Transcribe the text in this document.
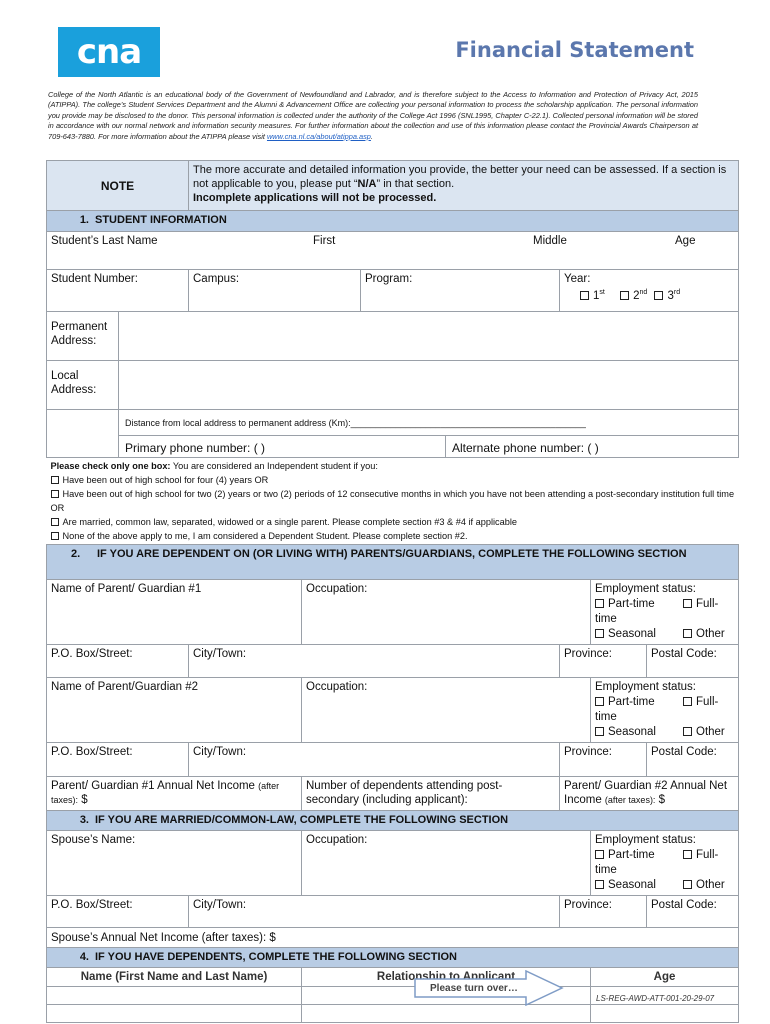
cna	Financial Statement
College of the North Atlantic is an educational body of the Government of Newfoundland and Labrador, and is therefore subject to the Access to Information and Protection of Privacy Act, 2015 (ATIPPA). The college’s Student Services Department and the Alumni & Advancement Office are collecting your personal information to process the scholarship application. The personal information you provide may be disclosed to the donor. This personal information is collected under the authority of the College Act 1996 (SNL1995, Chapter C-22.1). Collected personal information will be stored in accordance with our normal network and information security measures. For further information about the collection and use of this information please contact the Provincial Awards Chairperson at 709-643-7880. For more information about the ATIPPA please visit www.cna.nl.ca/about/atippa.asp.
NOTE		The more accurate and detailed information you provide, the better your need can be assessed. If a section is not applicable to you, please put “N/A” in that section.
Incomplete applications will not be processed.						
1. STUDENT INFORMATION								
Student’s Last Name First Middle Age								

Student Number:		Campus:		Program:		Year:
1st 2nd 3rd
Permanent Address:								
Local Address:								
	Distance from local address to permanent address (Km):_______________________________________________							
	Primary phone number: ( )				Alternate phone number: ( )			
Please check only one box: You are considered an Independent student if you:
Have been out of high school for four (4) years OR
Have been out of high school for two (2) years or two (2) periods of 12 consecutive months in which you have not been attending a post-secondary institution full time OR
Are married, common law, separated, widowed or a single parent. Please complete section #3 & #4 if applicable
None of the above apply to me, I am considered a Dependent Student. Please complete section #2.								

2. IF YOU ARE DEPENDENT ON (OR LIVING WITH) PARENTS/GUARDIANS, COMPLETE THE FOLLOWING SECTION								

Name of Parent/ Guardian #1			Occupation:				Employment status:
Part-time Full-time
Seasonal Other	
P.O. Box/Street:		City/Town:				Province:		Postal Code:
Name of Parent/Guardian #2			Occupation:				Employment status:
Part-time Full-time
Seasonal Other	
P.O. Box/Street:		City/Town:				Province:		Postal Code:
Parent/ Guardian #1 Annual Net Income (after taxes): $			Number of dependents attending post-secondary (including applicant):			Parent/ Guardian #2 Annual Net Income (after taxes): $		
3. IF YOU ARE MARRIED/COMMON-LAW, COMPLETE THE FOLLOWING SECTION								
Spouse’s Name:			Occupation:				Employment status:
Part-time Full-time
Seasonal Other	
P.O. Box/Street:		City/Town:				Province:		Postal Code:
Spouse’s Annual Net Income (after taxes): $								
4. IF YOU HAVE DEPENDENTS, COMPLETE THE FOLLOWING SECTION								
Name (First Name and Last Name)			Relationship to Applicant				Age	

Please turn over…
LS-REG-AWD-ATT-001-20-29-07
